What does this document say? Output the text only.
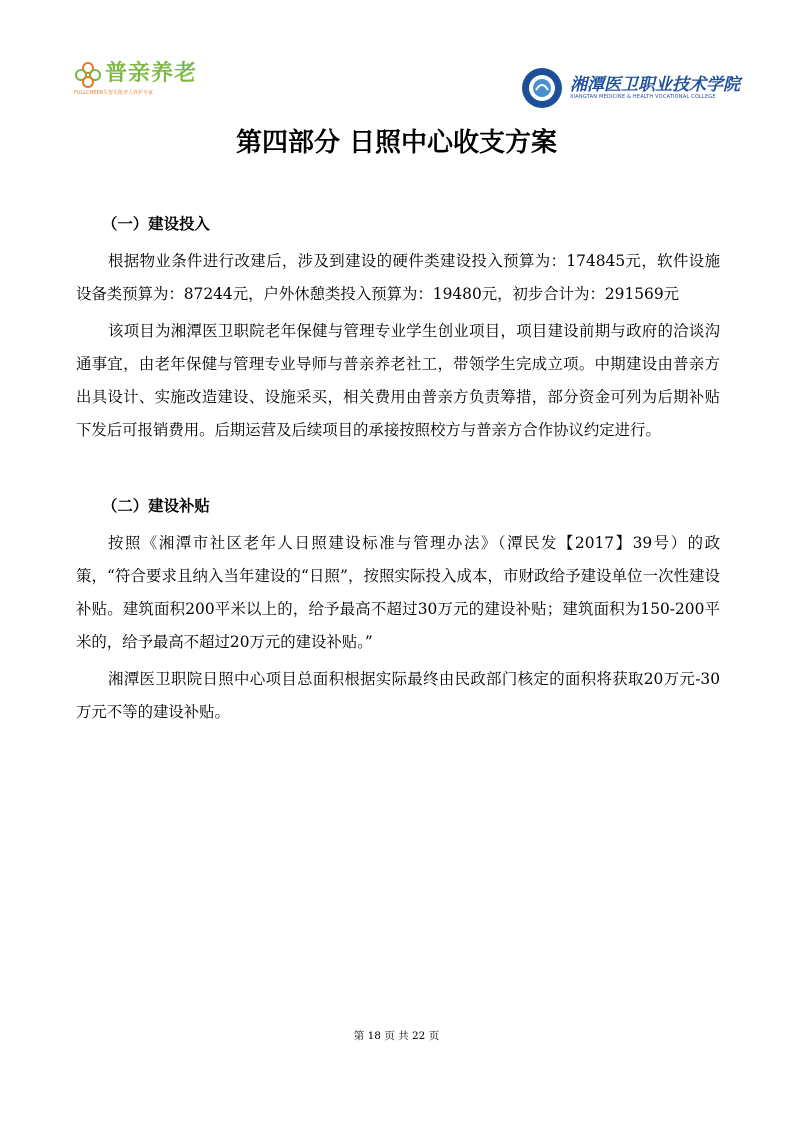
普亲养老
FULLCHEER 失智失能老人养护专家	湘潭医卫职业技术学院
XIANGTAN MEDICINE & HEALTH VOCATIONAL COLLEGE
第四部分 日照中心收支方案
（一）建设投入

根据物业条件进行改建后，涉及到建设的硬件类建设投入预算为：174845元，软件设施设备类预算为：87244元，户外休憩类投入预算为：19480元，初步合计为：291569元

该项目为湘潭医卫职院老年保健与管理专业学生创业项目，项目建设前期与政府的洽谈沟通事宜，由老年保健与管理专业导师与普亲养老社工，带领学生完成立项。中期建设由普亲方出具设计、实施改造建设、设施采买，相关费用由普亲方负责筹措，部分资金可列为后期补贴下发后可报销费用。后期运营及后续项目的承接按照校方与普亲方合作协议约定进行。

（二）建设补贴

按照《湘潭市社区老年人日照建设标准与管理办法》（潭民发【2017】39号）的政策，“符合要求且纳入当年建设的“日照”，按照实际投入成本，市财政给予建设单位一次性建设补贴。建筑面积200平米以上的，给予最高不超过30万元的建设补贴；建筑面积为150-200平米的，给予最高不超过20万元的建设补贴。”

湘潭医卫职院日照中心项目总面积根据实际最终由民政部门核定的面积将获取20万元-30万元不等的建设补贴。

第 18 页 共 22 页
